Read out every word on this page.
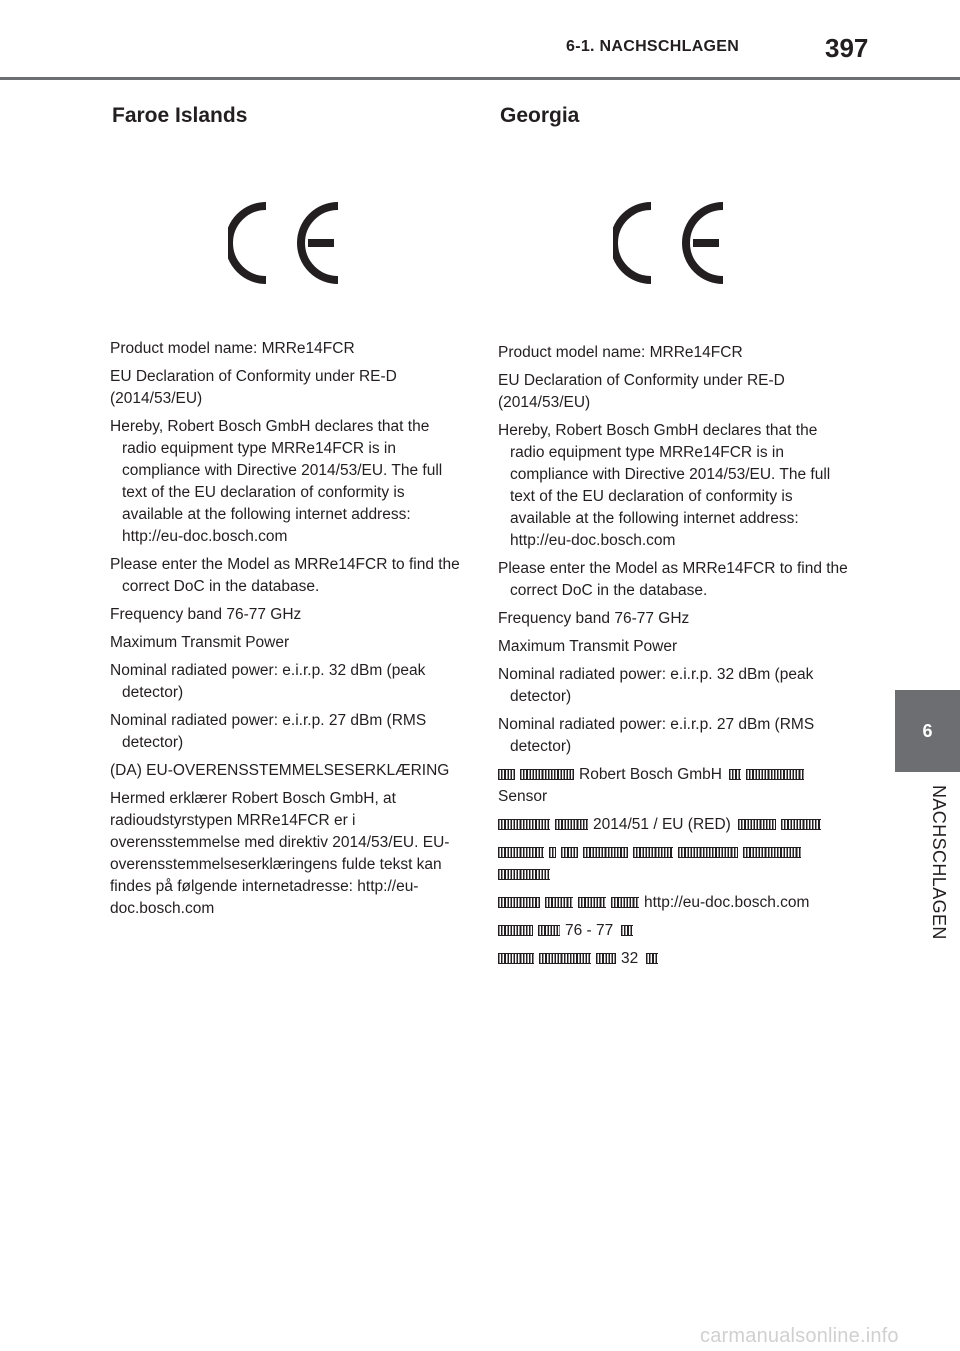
6-1. NACHSCHLAGEN	397
Faroe Islands

Product model name: MRRe14FCR

EU Declaration of Conformity under RE-D (2014/53/EU)

Hereby, Robert Bosch GmbH declares that the radio equipment type MRRe14FCR is in compliance with Directive 2014/53/EU. The full text of the EU declaration of conformity is available at the following internet address: http://eu-doc.bosch.com

Please enter the Model as MRRe14FCR to find the correct DoC in the database.

Frequency band 76-77 GHz

Maximum Transmit Power

Nominal radiated power: e.i.r.p. 32 dBm (peak detector)

Nominal radiated power: e.i.r.p. 27 dBm (RMS detector)

(DA) EU-OVERENSSTEMMELSESERKLÆRING

Hermed erklærer Robert Bosch GmbH, at radioudstyrstypen MRRe14FCR er i overensstemmelse med direktiv 2014/53/EU. EU-overensstemmelseserklæringens fulde tekst kan findes på følgende internetadresse: http://eu-doc.bosch.com

Georgia

Product model name: MRRe14FCR

EU Declaration of Conformity under RE-D (2014/53/EU)

Hereby, Robert Bosch GmbH declares that the radio equipment type MRRe14FCR is in compliance with Directive 2014/53/EU. The full text of the EU declaration of conformity is available at the following internet address: http://eu-doc.bosch.com

Please enter the Model as MRRe14FCR to find the correct DoC in the database.

Frequency band 76-77 GHz

Maximum Transmit Power

Nominal radiated power: e.i.r.p. 32 dBm (peak detector)

Nominal radiated power: e.i.r.p. 27 dBm (RMS detector)

Robert Bosch GmbH Sensor

2014/51 / EU (RED)

http://eu-doc.bosch.com

76 - 77

32

6
NACHSCHLAGEN
carmanualsonline.info
